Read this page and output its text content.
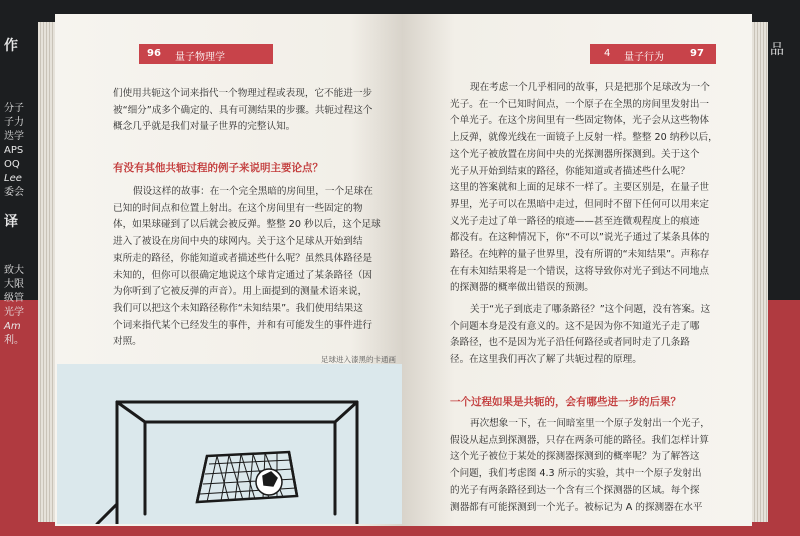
作
分子
子力
迭学
APS
OQ
Lee
委会
译
致大
大限
级管
光学
Am
利。
品
96 量子物理学
们使用共轭这个词来指代一个物理过程或表现，它不能进一步
被“细分”成多个确定的、具有可测结果的步骤。共轭过程这个
概念几乎就是我们对量子世界的完整认知。
有没有其他共轭过程的例子来说明主要论点？
假设这样的故事：在一个完全黑暗的房间里，一个足球在
已知的时间点和位置上射出。在这个房间里有一些固定的物
体，如果球碰到了以后就会被反弹。整整 20 秒以后，这个足球
进入了被设在房间中央的球网内。关于这个足球从开始到结
束所走的路径，你能知道或者描述些什么呢？虽然具体路径是
未知的，但你可以很确定地说这个球肯定通过了某条路径（因
为你听到了它被反弹的声音）。用上面提到的测量术语来说，
我们可以把这个未知路径称作“未知结果”。我们使用结果这
个词来指代某个已经发生的事件，并和有可能发生的事件进行
对照。
足球进入漆黑的卡通画
4 量子行为	97
现在考虑一个几乎相同的故事，只是把那个足球改为一个
光子。在一个已知时间点，一个原子在全黑的房间里发射出一
个单光子。在这个房间里有一些固定物体，光子会从这些物体
上反弹，就像光线在一面镜子上反射一样。整整 20 纳秒以后，
这个光子被放置在房间中央的光探测器所探测到。关于这个
光子从开始到结束的路径，你能知道或者描述些什么呢？
这里的答案就和上面的足球不一样了。主要区别是，在量子世
界里，光子可以在黑暗中走过，但同时不留下任何可以用来定
义光子走过了单一路径的痕迹——甚至连微观程度上的痕迹
都没有。在这种情况下，你“不可以”说光子通过了某条具体的
路径。在纯粹的量子世界里，没有所谓的“未知结果”。声称存
在有未知结果将是一个错误，这将导致你对光子到达不同地点
的探测器的概率做出错误的预测。
关于“光子到底走了哪条路径？”这个问题，没有答案。这
个问题本身是没有意义的。这不是因为你不知道光子走了哪
条路径，也不是因为光子沿任何路径或者同时走了几条路
径。在这里我们再次了解了共轭过程的原理。
一个过程如果是共轭的，会有哪些进一步的后果？
再次想象一下，在一间暗室里一个原子发射出一个光子，
假设从起点到探测器，只存在两条可能的路径。我们怎样计算
这个光子被位于某处的探测器探测到的概率呢？为了解答这
个问题，我们考虑图 4.3 所示的实验，其中一个原子发射出
的光子有两条路径到达一个含有三个探测器的区域。每个探
测器都有可能探测到一个光子。被标记为 A 的探测器在水平
